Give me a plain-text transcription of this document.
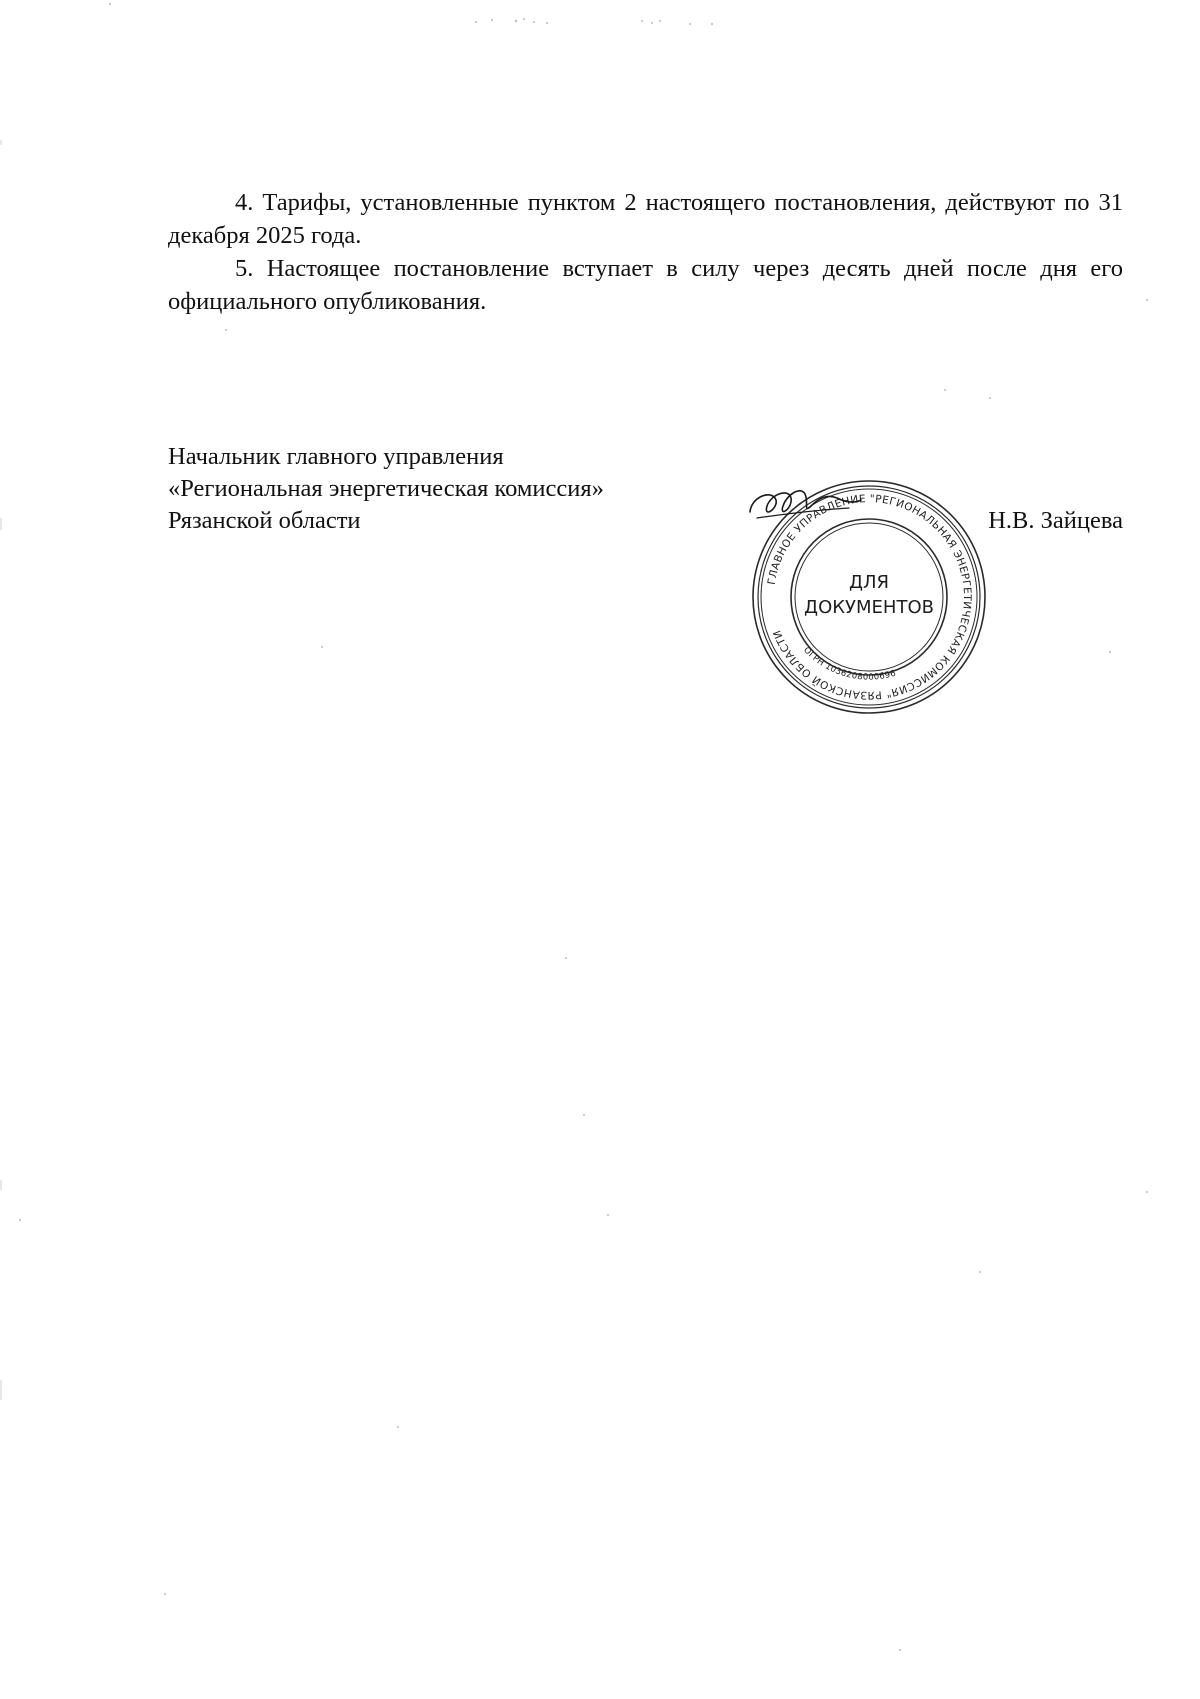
4. Тарифы, установленные пунктом 2 настоящего постановления, действуют по 31 декабря 2025 года.

5. Настоящее постановление вступает в силу через десять дней после дня его официального опубликования.

Начальник главного управления
«Региональная энергетическая комиссия»
Рязанской области	Н.В. Зайцева
ГЛАВНОЕ УПРАВЛЕНИЕ "РЕГИОНАЛЬНАЯ ЭНЕРГЕТИЧЕСКАЯ КОМИССИЯ" РЯЗАНСКОЙ ОБЛАСТИ
ОГРН 1036208000696
ДЛЯ
ДОКУМЕНТОВ
